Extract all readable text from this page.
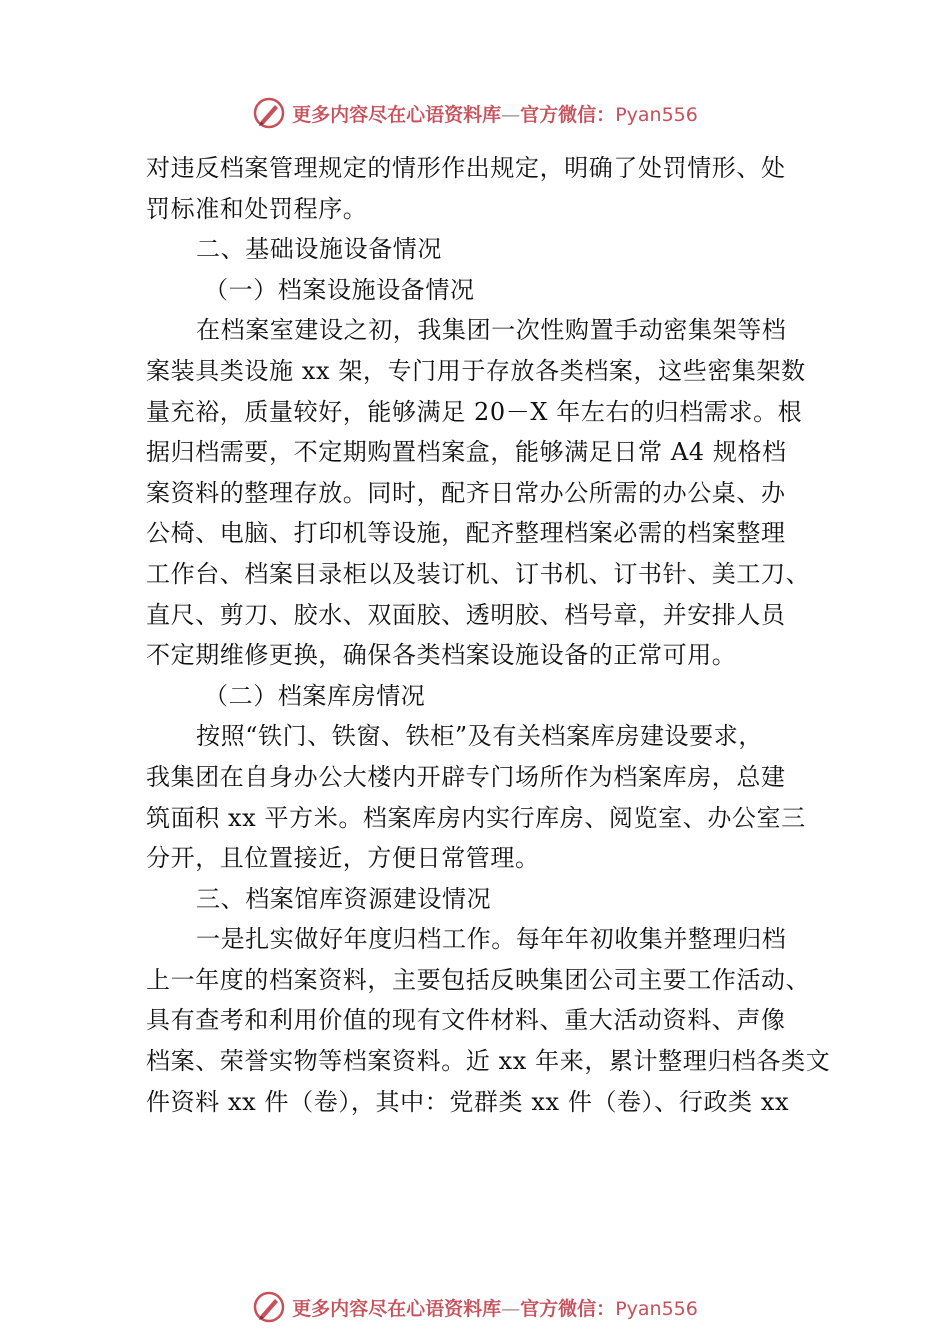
更多内容尽在心语资料库—官方微信：Pyan556
对违反档案管理规定的情形作出规定，明确了处罚情形、处
罚标准和处罚程序。
二、基础设施设备情况
（一）档案设施设备情况
在档案室建设之初，我集团一次性购置手动密集架等档
案装具类设施 xx 架，专门用于存放各类档案，这些密集架数
量充裕，质量较好，能够满足 20－X 年左右的归档需求。根
据归档需要，不定期购置档案盒，能够满足日常 A4 规格档
案资料的整理存放。同时，配齐日常办公所需的办公桌、办
公椅、电脑、打印机等设施，配齐整理档案必需的档案整理
工作台、档案目录柜以及装订机、订书机、订书针、美工刀、
直尺、剪刀、胶水、双面胶、透明胶、档号章，并安排人员
不定期维修更换，确保各类档案设施设备的正常可用。
（二）档案库房情况
按照“铁门、铁窗、铁柜”及有关档案库房建设要求，
我集团在自身办公大楼内开辟专门场所作为档案库房，总建
筑面积 xx 平方米。档案库房内实行库房、阅览室、办公室三
分开，且位置接近，方便日常管理。
三、档案馆库资源建设情况
一是扎实做好年度归档工作。每年年初收集并整理归档
上一年度的档案资料，主要包括反映集团公司主要工作活动、
具有查考和利用价值的现有文件材料、重大活动资料、声像
档案、荣誉实物等档案资料。近 xx 年来，累计整理归档各类文
件资料 xx 件（卷），其中：党群类 xx 件（卷）、行政类 xx
更多内容尽在心语资料库—官方微信：Pyan556
